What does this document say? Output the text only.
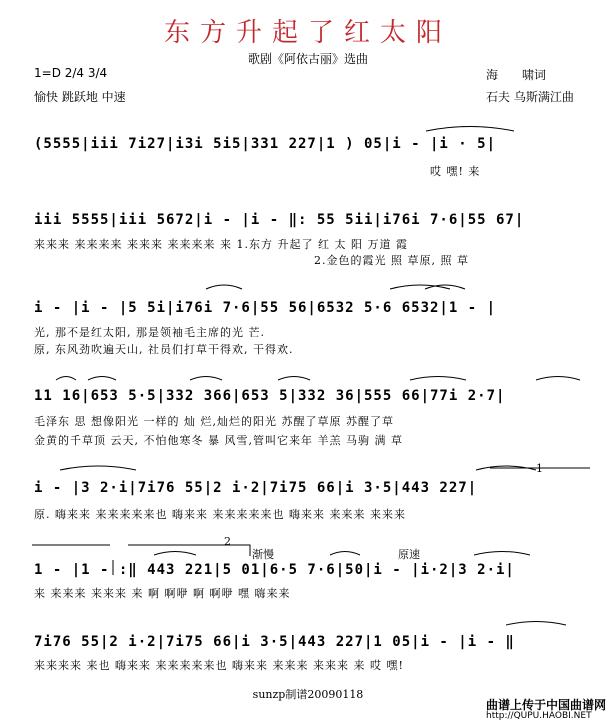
东方升起了红太阳
歌剧《阿依古丽》选曲
1=D 2/4 3/4
愉快 跳跃地 中速
海　　啸词
石夫 乌斯满江曲
渐慢	原速
1
2
(5555|iii 7i27|i3i 5i5|331 227|1 ) 05|i - |i · 5|
哎 嘿! 来
iii 5555|iii 5672|i - |i - ‖: 55 5ii|i76i 7·6|55 67|
来来来 来来来来 来来来 来来来来 来 1.东方 升起了 红 太 阳 万道 霞
2.金色的霞光 照 草原, 照 草
i - |i - |5 5i|i76i 7·6|55 56|6532 5·6 6532|1 - |
光, 那不是红太阳, 那是领袖毛主席的光 芒.
原, 东风劲吹遍天山, 社员们打草干得欢, 干得欢.
11 16|653 5·5|332 366|653 5|332 36|555 66|77i 2·7|
毛泽东 思 想像阳光 一样的 灿 烂,灿烂的阳光 苏醒了草原 苏醒了草
金黄的千草顶 云天, 不怕他寒冬 暴 风雪,管叫它来年 羊羔 马驹 满 草
i - |3 2·i|7i76 55|2 i·2|7i75 66|i 3·5|443 227|
原. 嗨来来 来来来来来也 嗨来来 来来来来来也 嗨来来 来来来 来来来
1 - |1 - :‖ 443 221|5 01|6·5 7·6|50|i - |i·2|3 2·i|
来 来来来 来来来 来 啊 啊咿 啊 啊咿 嘿 嗨来来
7i76 55|2 i·2|7i75 66|i 3·5|443 227|1 05|i - |i - ‖
来来来来 来也 嗨来来 来来来来来也 嗨来来 来来来 来来来 来 哎 嘿!
sunzp制谱20090118
曲谱上传于中国曲谱网
http://QUPU.HAOBI.NET
